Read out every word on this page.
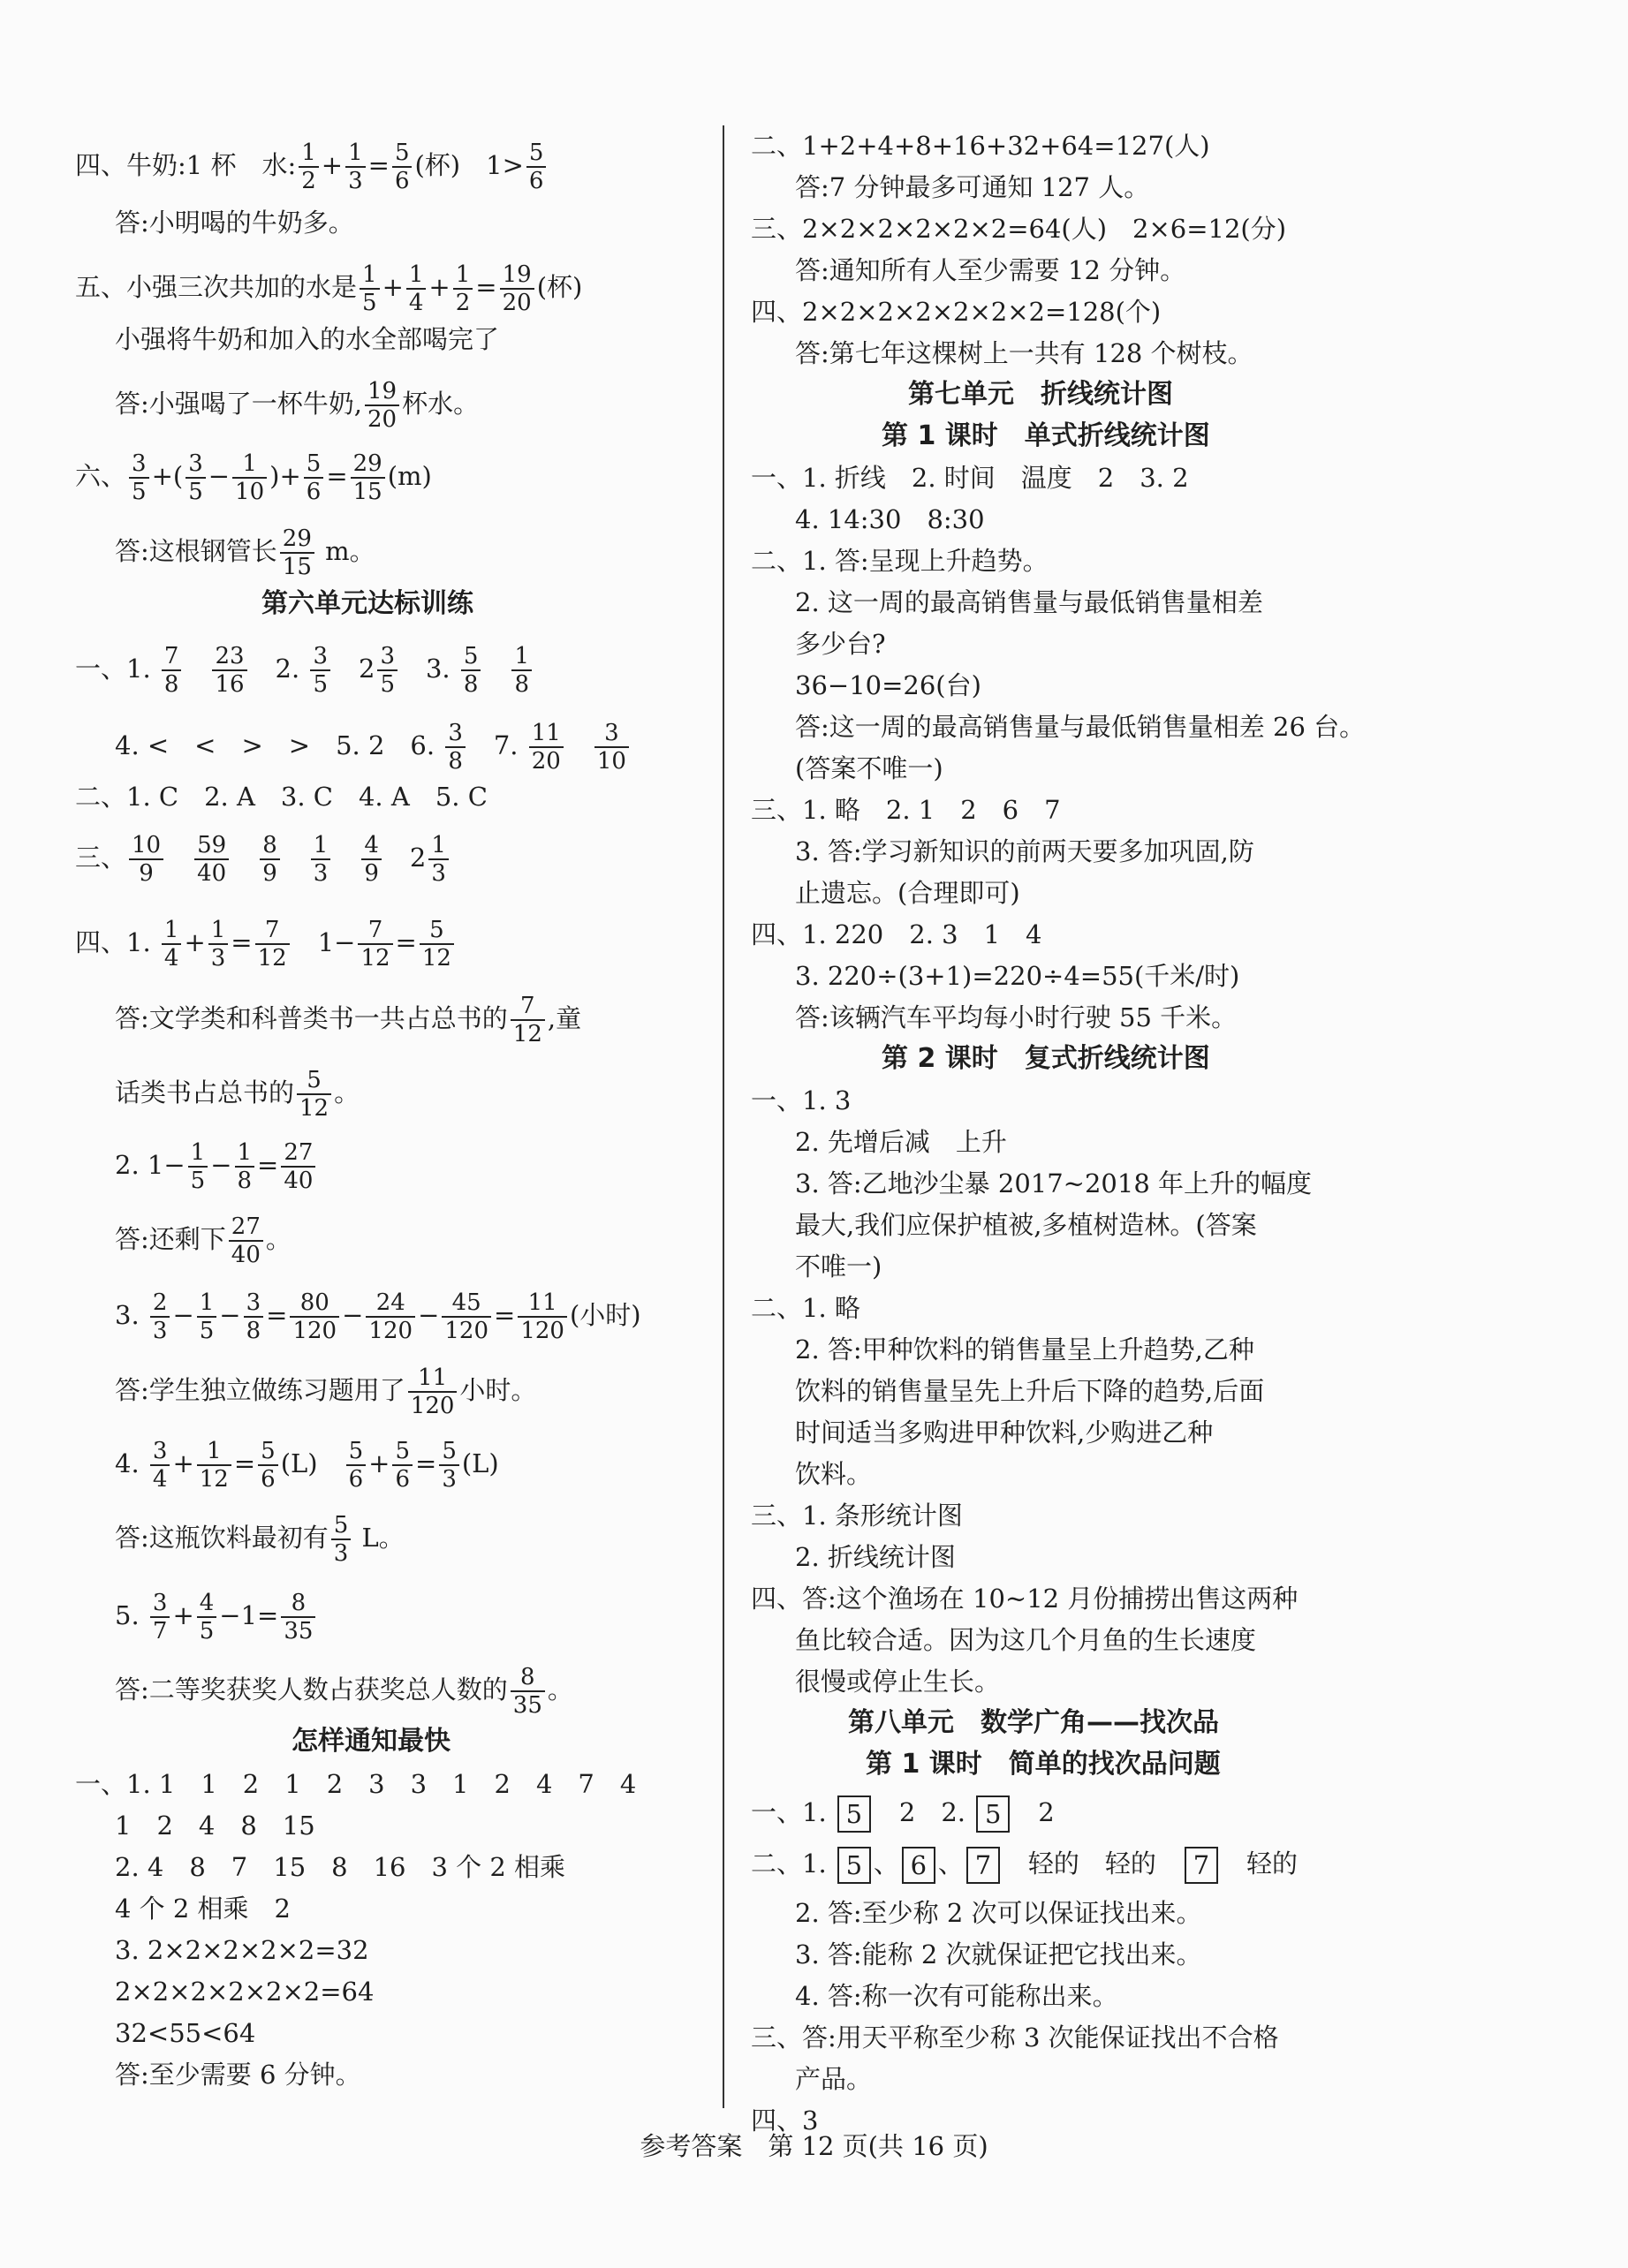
四、牛奶:1 杯　水: $\frac{1}{2} + \frac{1}{3} = \frac{5}{6}$ (杯)　$1> \frac{5}{6}$
答:小明喝的牛奶多。
五、小强三次共加的水是 $\frac{1}{5} + \frac{1}{4} + \frac{1}{2} = \frac{19}{20}$ (杯)
小强将牛奶和加入的水全部喝完了
答:小强喝了一杯牛奶, $\frac{19}{20}$ 杯水。
六、 $\frac{3}{5}$ +( $\frac{3}{5} - \frac{1}{10}$ )+ $\frac{5}{6} = \frac{29}{15} (m)$
答:这根钢管长 $\frac{29}{15}$ m。
第六单元达标训练
一、1. $\frac{7}{8}$
　 $\frac{23}{16}$ 　2. $\frac{3}{5}$ 　$2 \frac{3}{5}$ 　3. $\frac{5}{8}$
　 $\frac{1}{8}$
4. <　<　>　>　5. 2　6. $\frac{3}{8}$ 　7. $\frac{11}{20}$
　 $\frac{3}{10}$
二、1. C　2. A　3. C　4. A　5. C
三、 $\frac{10}{9}$
　 $\frac{59}{40}$
　 $\frac{8}{9}$
　 $\frac{1}{3}$
　 $\frac{4}{9}$ 　$2 \frac{1}{3}$
四、1. $\frac{1}{4} + \frac{1}{3} = \frac{7}{12}$ 　$1- \frac{7}{12} = \frac{5}{12}$
答:文学类和科普类书一共占总书的 $\frac{7}{12}$ ,童
话类书占总书的 $\frac{5}{12}$ 。
2. $1- \frac{1}{5} - \frac{1}{8} = \frac{27}{40}$
答:还剩下 $\frac{27}{40}$ 。
3. $\frac{2}{3} - \frac{1}{5} - \frac{3}{8} = \frac{80}{120} - \frac{24}{120} - \frac{45}{120} = \frac{11}{120}$ (小时)
答:学生独立做练习题用了 $\frac{11}{120}$ 小时。
4. $\frac{3}{4} + \frac{1}{12} = \frac{5}{6} (L)$　 $\frac{5}{6} + \frac{5}{6} = \frac{5}{3} (L)$
答:这瓶饮料最初有 $\frac{5}{3}$ L。
5. $\frac{3}{7} + \frac{4}{5} -1= \frac{8}{35}$
答:二等奖获奖人数占获奖总人数的 $\frac{8}{35}$ 。
怎样通知最快
一、1. 1　1　2　1　2　3　3　1　2　4　7　4
1　2　4　8　15
2. 4　8　7　15　8　16　3 个 2 相乘
4 个 2 相乘　2
3. 2×2×2×2×2=32
2×2×2×2×2×2=64
32<55<64
答:至少需要 6 分钟。
二、1+2+4+8+16+32+64=127(人)
答:7 分钟最多可通知 127 人。
三、2×2×2×2×2×2=64(人)　2×6=12(分)
答:通知所有人至少需要 12 分钟。
四、2×2×2×2×2×2×2=128(个)
答:第七年这棵树上一共有 128 个树枝。
第七单元　折线统计图
第 1 课时　单式折线统计图
一、1. 折线　2. 时间　温度　2　3. 2
4. 14:30　8:30
二、1. 答:呈现上升趋势。
2. 这一周的最高销售量与最低销售量相差
多少台?
36−10=26(台)
答:这一周的最高销售量与最低销售量相差 26 台。
(答案不唯一)
三、1. 略　2. 1　2　6　7
3. 答:学习新知识的前两天要多加巩固,防
止遗忘。(合理即可)
四、1. 220　2. 3　1　4
3. 220÷(3+1)=220÷4=55(千米/时)
答:该辆汽车平均每小时行驶 55 千米。
第 2 课时　复式折线统计图
一、1. 3
2. 先增后减　上升
3. 答:乙地沙尘暴 2017~2018 年上升的幅度
最大,我们应保护植被,多植树造林。(答案
不唯一)
二、1. 略
2. 答:甲种饮料的销售量呈上升趋势,乙种
饮料的销售量呈先上升后下降的趋势,后面
时间适当多购进甲种饮料,少购进乙种
饮料。
三、1. 条形统计图
2. 折线统计图
四、答:这个渔场在 10~12 月份捕捞出售这两种
鱼比较合适。因为这几个月鱼的生长速度
很慢或停止生长。
第八单元　数学广角——找次品
第 1 课时　简单的找次品问题
一、1. 5　2　2. 5　2
二、1. 5 、 6 、 7　轻的　轻的　7　轻的
2. 答:至少称 2 次可以保证找出来。
3. 答:能称 2 次就保证把它找出来。
4. 答:称一次有可能称出来。
三、答:用天平称至少称 3 次能保证找出不合格
产品。
四、3
参考答案　第 12 页(共 16 页)
